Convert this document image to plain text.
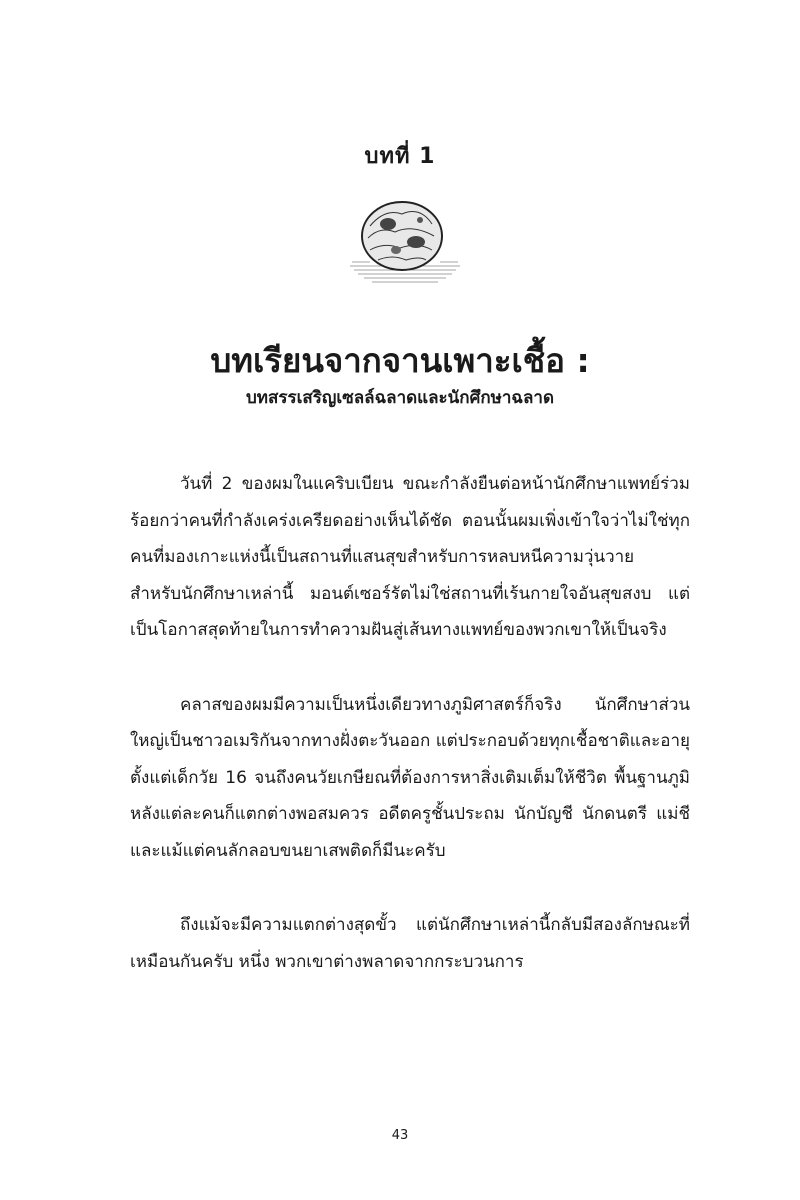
บทที่ 1
บทเรียนจากจานเพาะเชื้อ :
บทสรรเสริญเซลล์ฉลาดและนักศึกษาฉลาด

วันที่ 2 ของผมในแคริบเบียน ขณะกำลังยืนต่อหน้านักศึกษาแพทย์ร่วมร้อยกว่าคนที่กำลังเคร่งเครียดอย่างเห็นได้ชัด ตอนนั้นผมเพิ่งเข้าใจว่าไม่ใช่ทุกคนที่มองเกาะแห่งนี้เป็นสถานที่แสนสุขสำหรับการหลบหนีความวุ่นวาย สำหรับนักศึกษาเหล่านี้ มอนต์เซอร์รัตไม่ใช่สถานที่เร้นกายใจอันสุขสงบ แต่เป็นโอกาสสุดท้ายในการทำความฝันสู่เส้นทางแพทย์ของพวกเขาให้เป็นจริง

คลาสของผมมีความเป็นหนึ่งเดียวทางภูมิศาสตร์ก็จริง นักศึกษาส่วนใหญ่เป็นชาวอเมริกันจากทางฝั่งตะวันออก แต่ประกอบด้วยทุกเชื้อชาติและอายุ ตั้งแต่เด็กวัย 16 จนถึงคนวัยเกษียณที่ต้องการหาสิ่งเติมเต็มให้ชีวิต พื้นฐานภูมิหลังแต่ละคนก็แตกต่างพอสมควร อดีตครูชั้นประถม นักบัญชี นักดนตรี แม่ชี และแม้แต่คนลักลอบขนยาเสพติดก็มีนะครับ

ถึงแม้จะมีความแตกต่างสุดขั้ว แต่นักศึกษาเหล่านี้กลับมีสองลักษณะที่เหมือนกันครับ หนึ่ง พวกเขาต่างพลาดจากกระบวนการ

43
